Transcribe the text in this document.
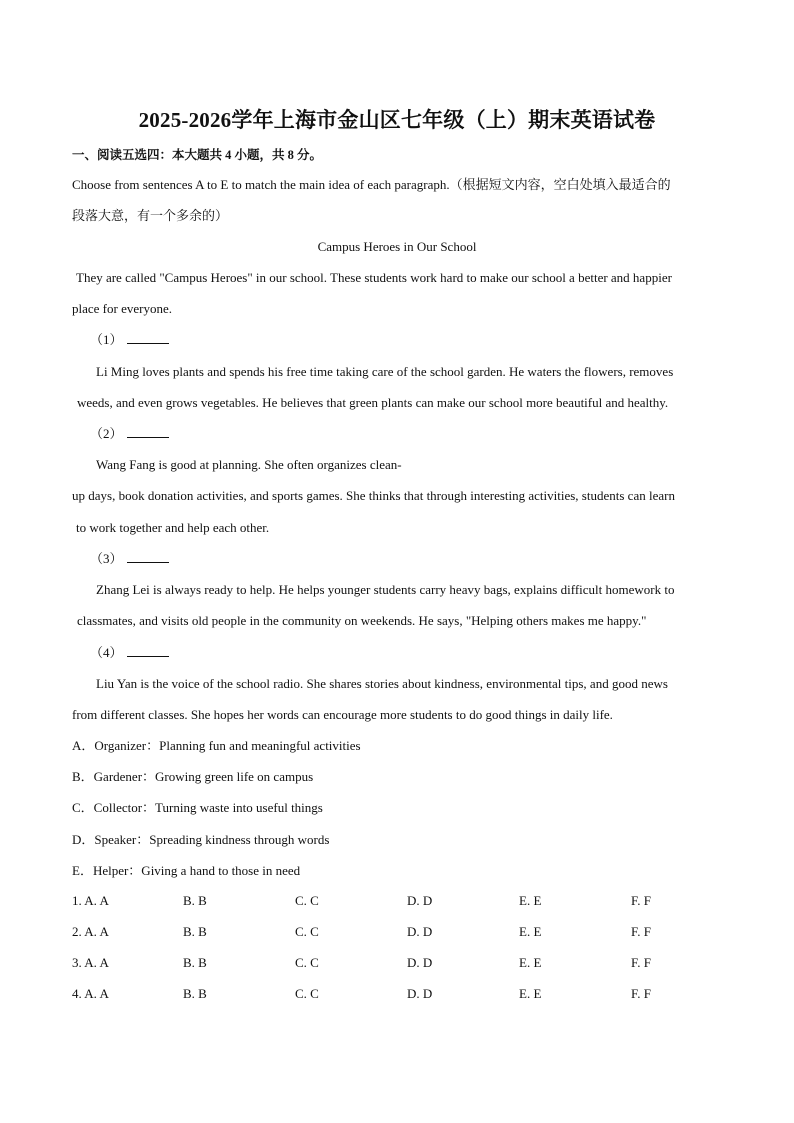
2025-2026学年上海市金山区七年级（上）期末英语试卷
一、阅读五选四：本大题共 4 小题，共 8 分。
Choose from sentences A to E to match the main idea of each paragraph.（根据短文内容，空白处填入最适合的
段落大意，有一个多余的）
Campus Heroes in Our School
They are called "Campus Heroes" in our school. These students work hard to make our school a better and happier
place for everyone.
（1）
Li Ming loves plants and spends his free time taking care of the school garden. He waters the flowers, removes
weeds, and even grows vegetables. He believes that green plants can make our school more beautiful and healthy.
（2）
Wang Fang is good at planning. She often organizes clean-
up days, book donation activities, and sports games. She thinks that through interesting activities, students can learn
to work together and help each other.
（3）
Zhang Lei is always ready to help. He helps younger students carry heavy bags, explains difficult homework to
classmates, and visits old people in the community on weekends. He says, "Helping others makes me happy."
（4）
Liu Yan is the voice of the school radio. She shares stories about kindness, environmental tips, and good news
from different classes. She hopes her words can encourage more students to do good things in daily life.
A．Organizer：Planning fun and meaningful activities
B．Gardener：Growing green life on campus
C．Collector：Turning waste into useful things
D．Speaker：Spreading kindness through words
E．Helper：Giving a hand to those in need
1. A. A	B. B	C. C	D. D	E. E	F. F
2. A. A	B. B	C. C	D. D	E. E	F. F
3. A. A	B. B	C. C	D. D	E. E	F. F
4. A. A	B. B	C. C	D. D	E. E	F. F
